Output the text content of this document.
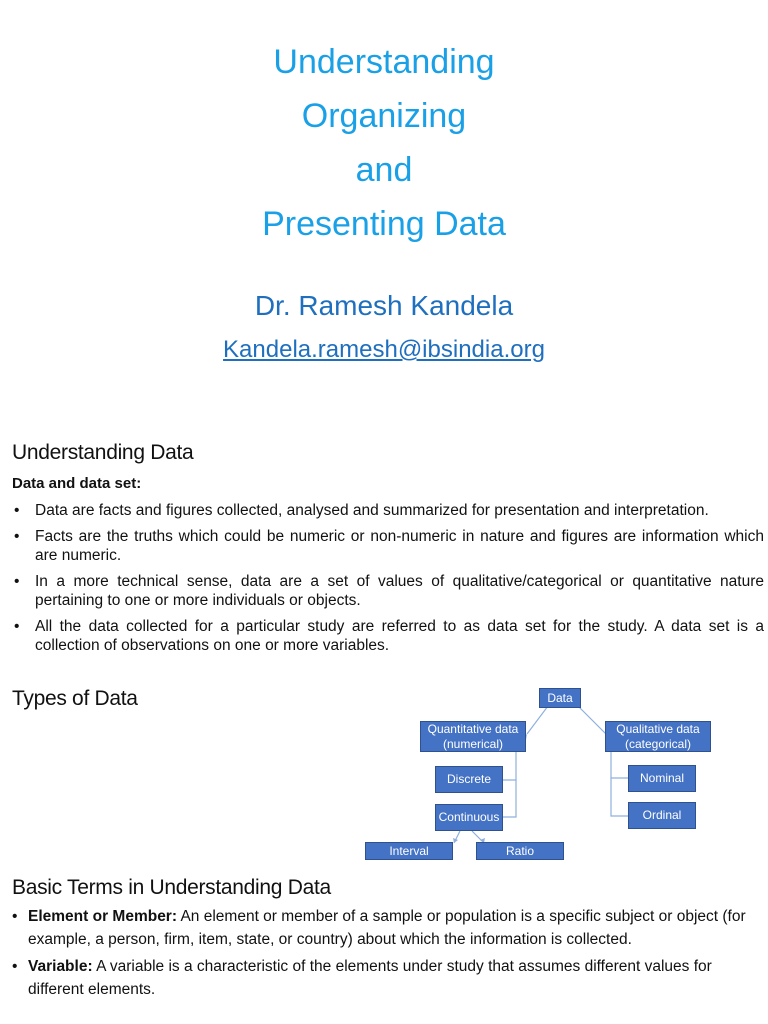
Understanding
Organizing
and
Presenting Data
Dr. Ramesh Kandela
Kandela.ramesh@ibsindia.org
Understanding Data
Data and data set:
• Data are facts and figures collected, analysed and summarized for presentation and interpretation.
• Facts are the truths which could be numeric or non-numeric in nature and figures are information which are numeric.
• In a more technical sense, data are a set of values of qualitative/categorical or quantitative nature pertaining to one or more individuals or objects.
• All the data collected for a particular study are referred to as data set for the study. A data set is a collection of observations on one or more variables.
Types of Data	Data
Quantitative data (numerical)
Qualitative data (categorical)
Discrete
Continuous
Nominal
Ordinal
Interval	Ratio
Basic Terms in Understanding Data
• Element or Member: An element or member of a sample or population is a specific subject or object (for example, a person, firm, item, state, or country) about which the information is collected.
• Variable: A variable is a characteristic of the elements under study that assumes different values for different elements.
